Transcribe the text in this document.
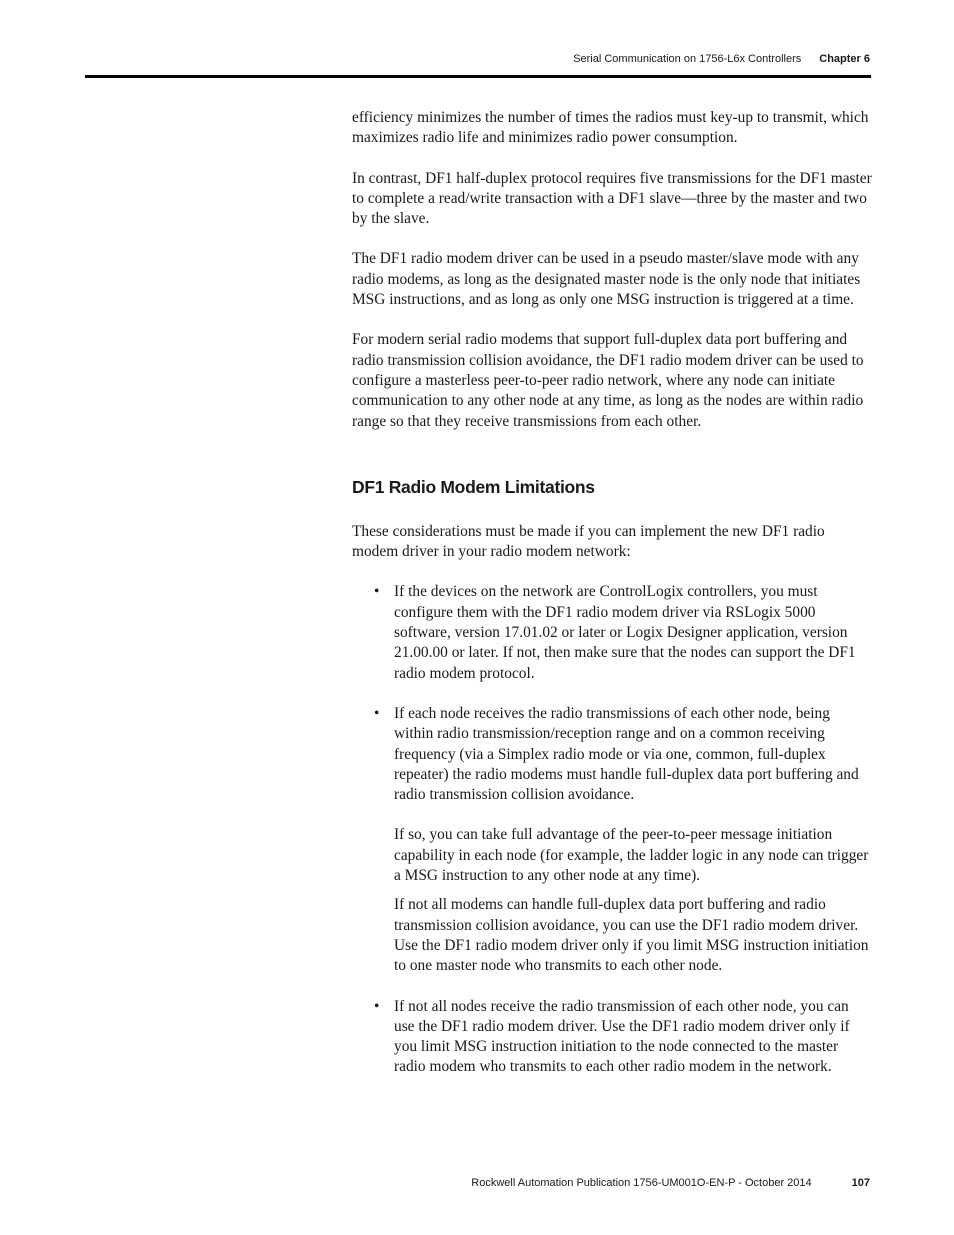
Serial Communication on 1756-L6x Controllers Chapter 6

efficiency minimizes the number of times the radios must key-up to transmit, which maximizes radio life and minimizes radio power consumption.

In contrast, DF1 half-duplex protocol requires five transmissions for the DF1 master to complete a read/write transaction with a DF1 slave—three by the master and two by the slave.

The DF1 radio modem driver can be used in a pseudo master/slave mode with any radio modems, as long as the designated master node is the only node that initiates MSG instructions, and as long as only one MSG instruction is triggered at a time.

For modern serial radio modems that support full-duplex data port buffering and radio transmission collision avoidance, the DF1 radio modem driver can be used to configure a masterless peer-to-peer radio network, where any node can initiate communication to any other node at any time, as long as the nodes are within radio range so that they receive transmissions from each other.

DF1 Radio Modem Limitations

These considerations must be made if you can implement the new DF1 radio modem driver in your radio modem network:

• If the devices on the network are ControlLogix controllers, you must configure them with the DF1 radio modem driver via RSLogix 5000 software, version 17.01.02 or later or Logix Designer application, version 21.00.00 or later. If not, then make sure that the nodes can support the DF1 radio modem protocol.

• If each node receives the radio transmissions of each other node, being within radio transmission/reception range and on a common receiving frequency (via a Simplex radio mode or via one, common, full-duplex repeater) the radio modems must handle full-duplex data port buffering and radio transmission collision avoidance.

If so, you can take full advantage of the peer-to-peer message initiation capability in each node (for example, the ladder logic in any node can trigger a MSG instruction to any other node at any time).

If not all modems can handle full-duplex data port buffering and radio transmission collision avoidance, you can use the DF1 radio modem driver. Use the DF1 radio modem driver only if you limit MSG instruction initiation to one master node who transmits to each other node.

• If not all nodes receive the radio transmission of each other node, you can use the DF1 radio modem driver. Use the DF1 radio modem driver only if you limit MSG instruction initiation to the node connected to the master radio modem who transmits to each other radio modem in the network.

Rockwell Automation Publication 1756-UM001O-EN-P - October 2014	107
